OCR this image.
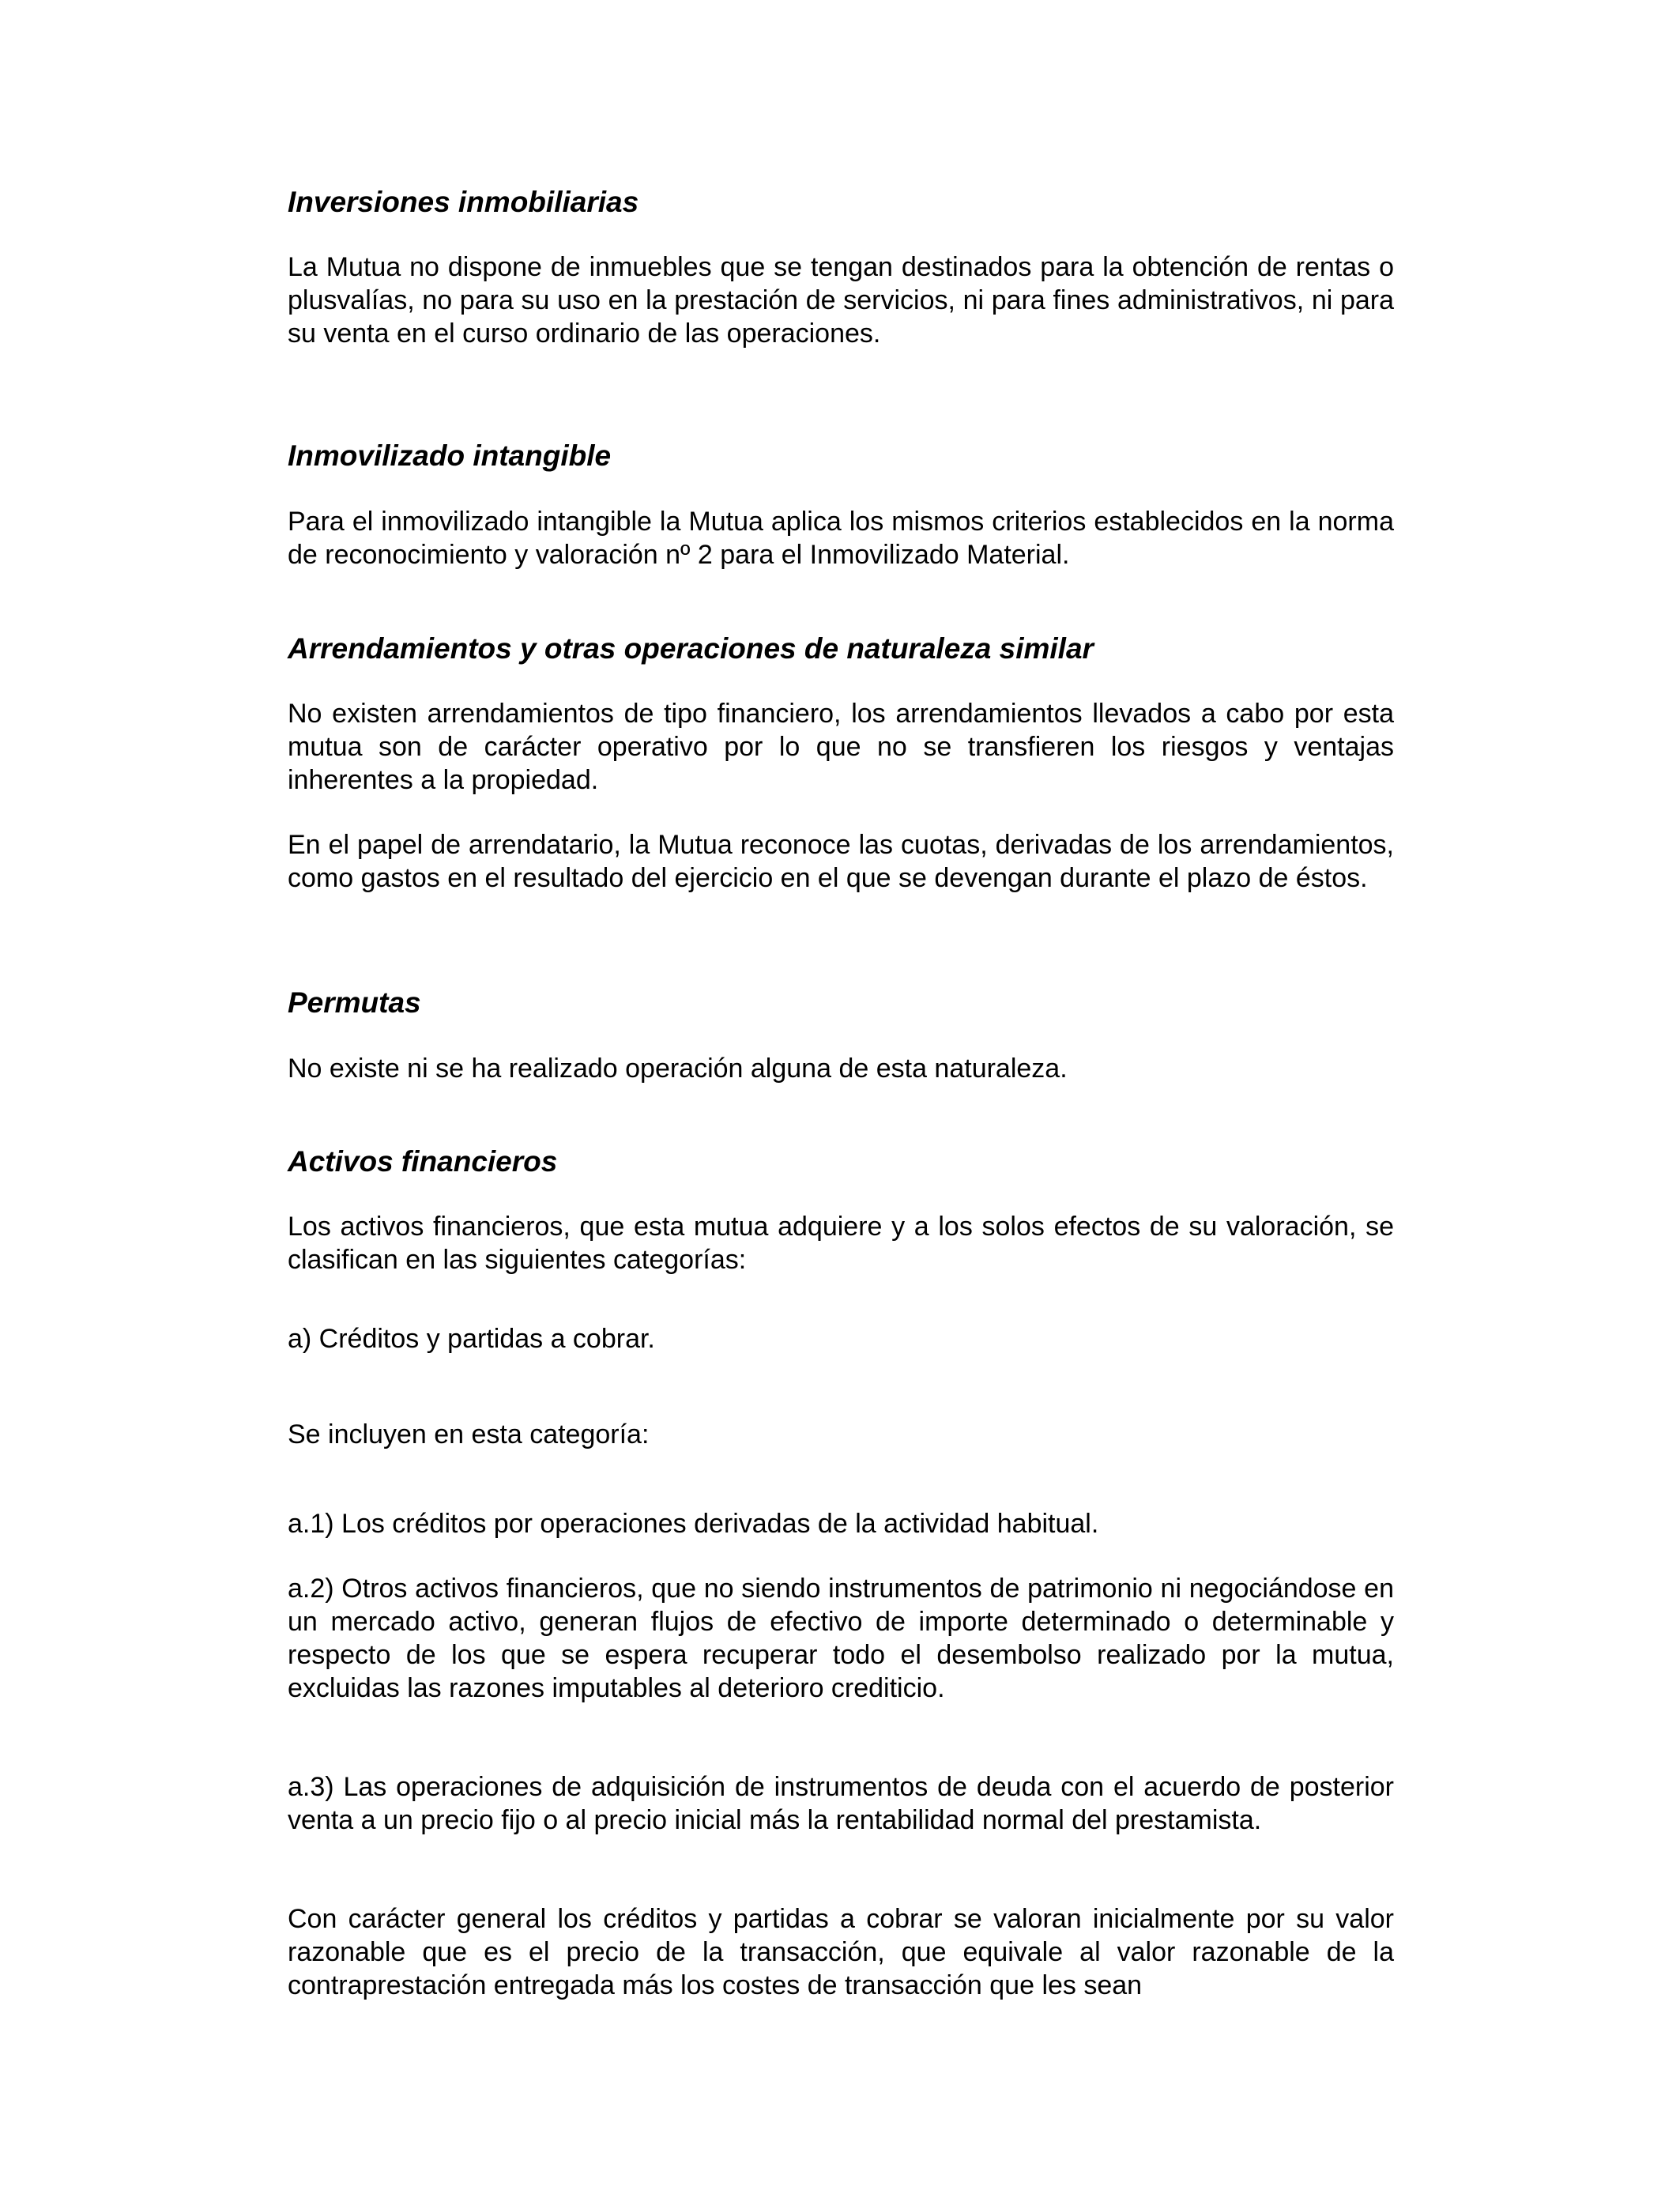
Inversiones inmobiliarias

La Mutua no dispone de inmuebles que se tengan destinados para la obtención de rentas o plusvalías, no para su uso en la prestación de servicios, ni para fines administrativos, ni para su venta en el curso ordinario de las operaciones.

Inmovilizado intangible

Para el inmovilizado intangible la Mutua aplica los mismos criterios establecidos en la norma de reconocimiento y valoración nº 2 para el Inmovilizado Material.

Arrendamientos y otras operaciones de naturaleza similar

No existen arrendamientos de tipo financiero, los arrendamientos llevados a cabo por esta mutua son de carácter operativo por lo que no se transfieren los riesgos y ventajas inherentes a la propiedad.

En el papel de arrendatario, la Mutua reconoce las cuotas, derivadas de los arrendamientos, como gastos en el resultado del ejercicio en el que se devengan durante el plazo de éstos.

Permutas

No existe ni se ha realizado operación alguna de esta naturaleza.

Activos financieros

Los activos financieros, que esta mutua adquiere y a los solos efectos de su valoración, se clasifican en las siguientes categorías:

a) Créditos y partidas a cobrar.

Se incluyen en esta categoría:

a.1) Los créditos por operaciones derivadas de la actividad habitual.

a.2) Otros activos financieros, que no siendo instrumentos de patrimonio ni negociándose en un mercado activo, generan flujos de efectivo de importe determinado o determinable y respecto de los que se espera recuperar todo el desembolso realizado por la mutua, excluidas las razones imputables al deterioro crediticio.

a.3) Las operaciones de adquisición de instrumentos de deuda con el acuerdo de posterior venta a un precio fijo o al precio inicial más la rentabilidad normal del prestamista.

Con carácter general los créditos y partidas a cobrar se valoran inicialmente por su valor razonable que es el precio de la transacción, que equivale al valor razonable de la contraprestación entregada más los costes de transacción que les sean
